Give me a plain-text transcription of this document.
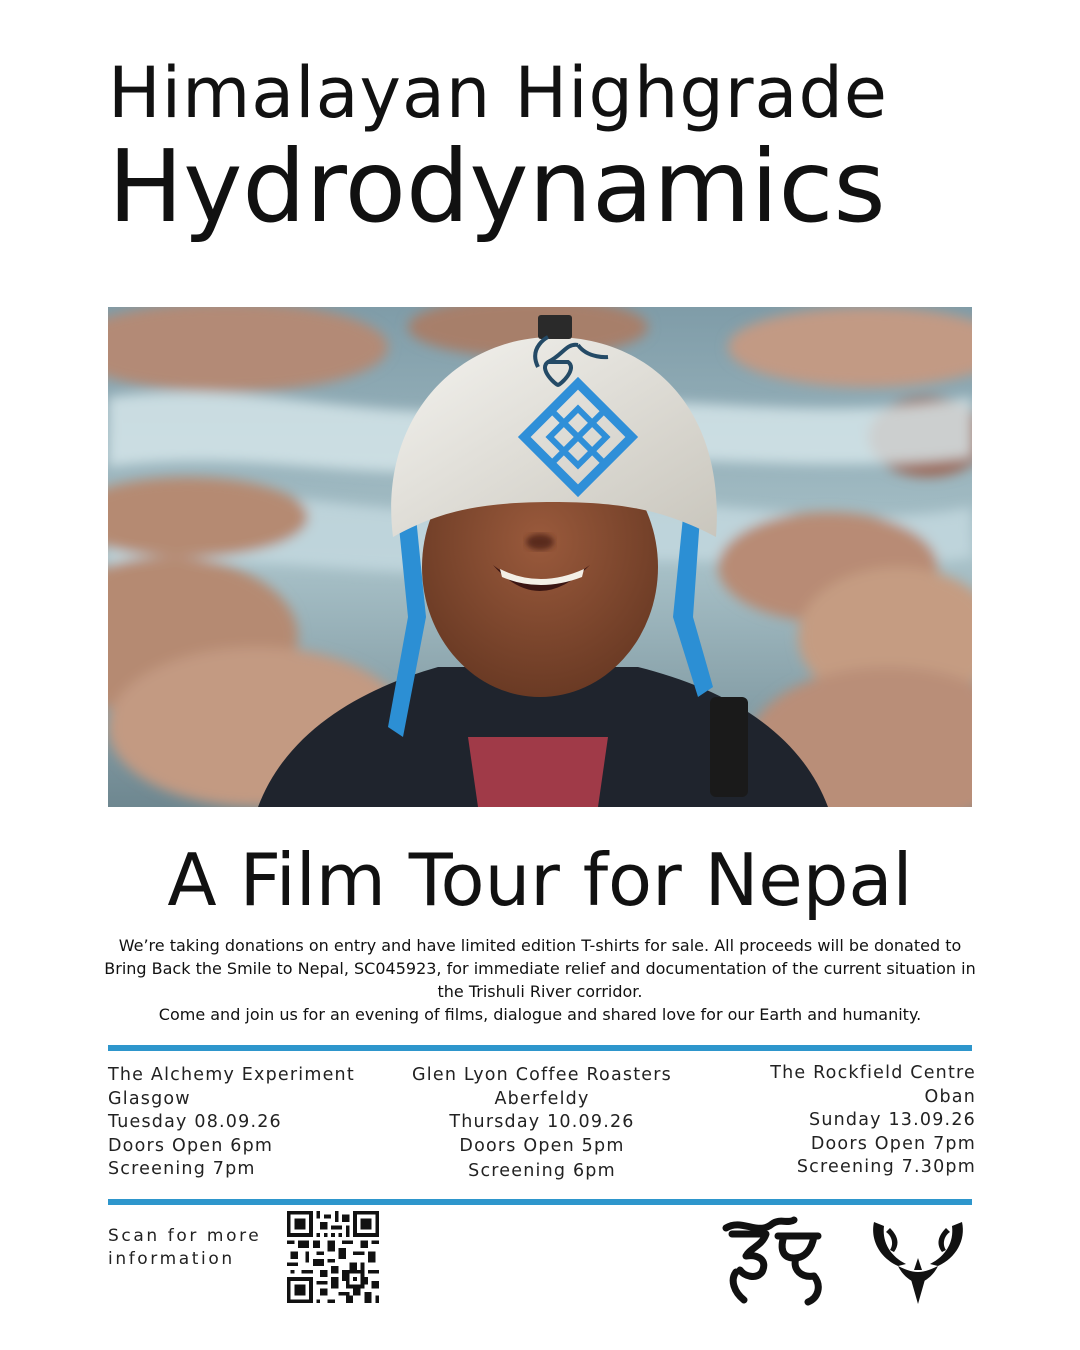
Himalayan Highgrade
Hydrodynamics
A Film Tour for Nepal

We’re taking donations on entry and have limited edition T-shirts for sale. All proceeds will be donated to Bring Back the Smile to Nepal, SC045923, for immediate relief and documentation of the current situation in the Trishuli River corridor.

Come and join us for an evening of films, dialogue and shared love for our Earth and humanity.

The Alchemy Experiment
Glasgow
Tuesday 08.09.26
Doors Open 6pm
Screening 7pm
Glen Lyon Coffee Roasters
Aberfeldy
Thursday 10.09.26
Doors Open 5pm
Screening 6pm
The Rockfield Centre
Oban
Sunday 13.09.26
Doors Open 7pm
Screening 7.30pm
Scan for more
information
